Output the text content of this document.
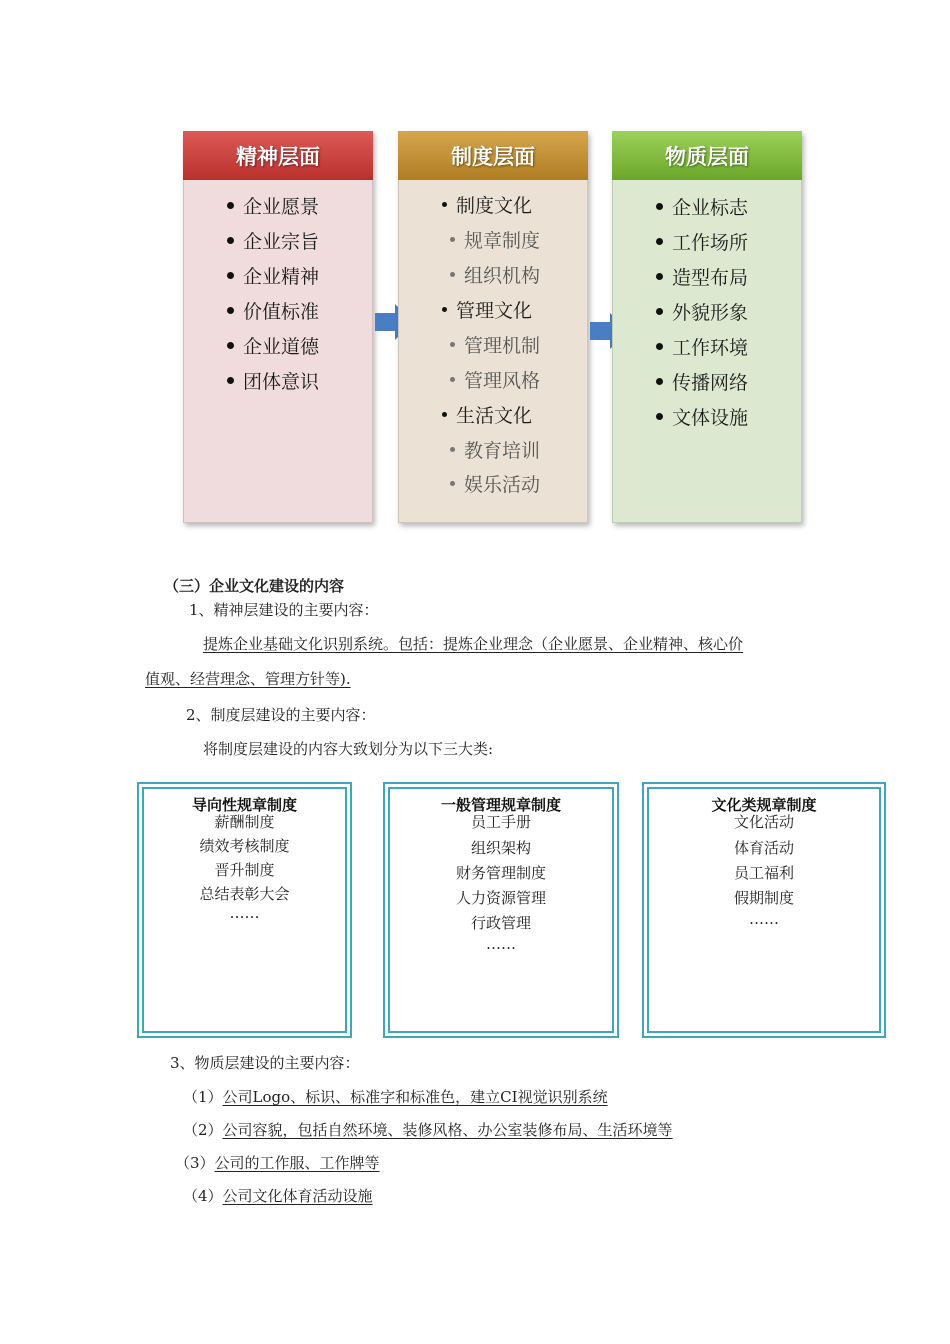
精神层面
企业愿景
企业宗旨
企业精神
价值标准
企业道德
团体意识
制度层面
制度文化
规章制度
组织机构
管理文化
管理机制
管理风格
生活文化
教育培训
娱乐活动
物质层面
企业标志
工作场所
造型布局
外貌形象
工作环境
传播网络
文体设施
（三）企业文化建设的内容
1、精神层建设的主要内容：
提炼企业基础文化识别系统。包括：提炼企业理念（企业愿景、企业精神、核心价
值观、经营理念、管理方针等).
2、制度层建设的主要内容：
将制度层建设的内容大致划分为以下三大类:
导向性规章制度
薪酬制度
绩效考核制度
晋升制度
总结表彰大会
……
一般管理规章制度
员工手册
组织架构
财务管理制度
人力资源管理
行政管理
……
文化类规章制度
文化活动
体育活动
员工福利
假期制度
……
3、物质层建设的主要内容：
（1）公司Logo、标识、标准字和标准色，建立CI视觉识别系统
（2）公司容貌，包括自然环境、装修风格、办公室装修布局、生活环境等
（3）公司的工作服、工作牌等
（4）公司文化体育活动设施
